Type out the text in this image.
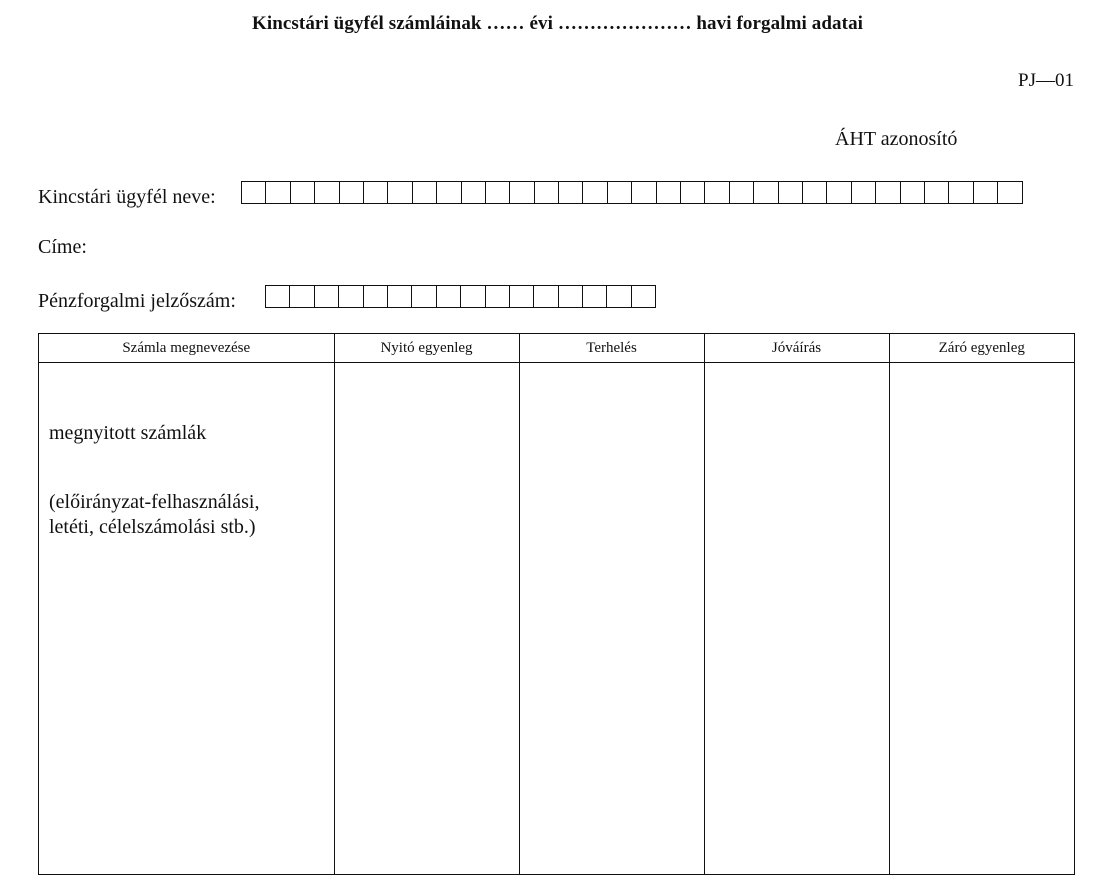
Kincstári ügyfél számláinak …… évi ………………… havi forgalmi adatai
PJ—01
ÁHT azonosító
Kincstári ügyfél neve:
Címe:
Pénzforgalmi jelzőszám:
Számla megnevezése	Nyitó egyenleg	Terhelés	Jóváírás	Záró egyenleg

megnyitott számlák
(előirányzat-felhasználási,
letéti, célelszámolási stb.)				
